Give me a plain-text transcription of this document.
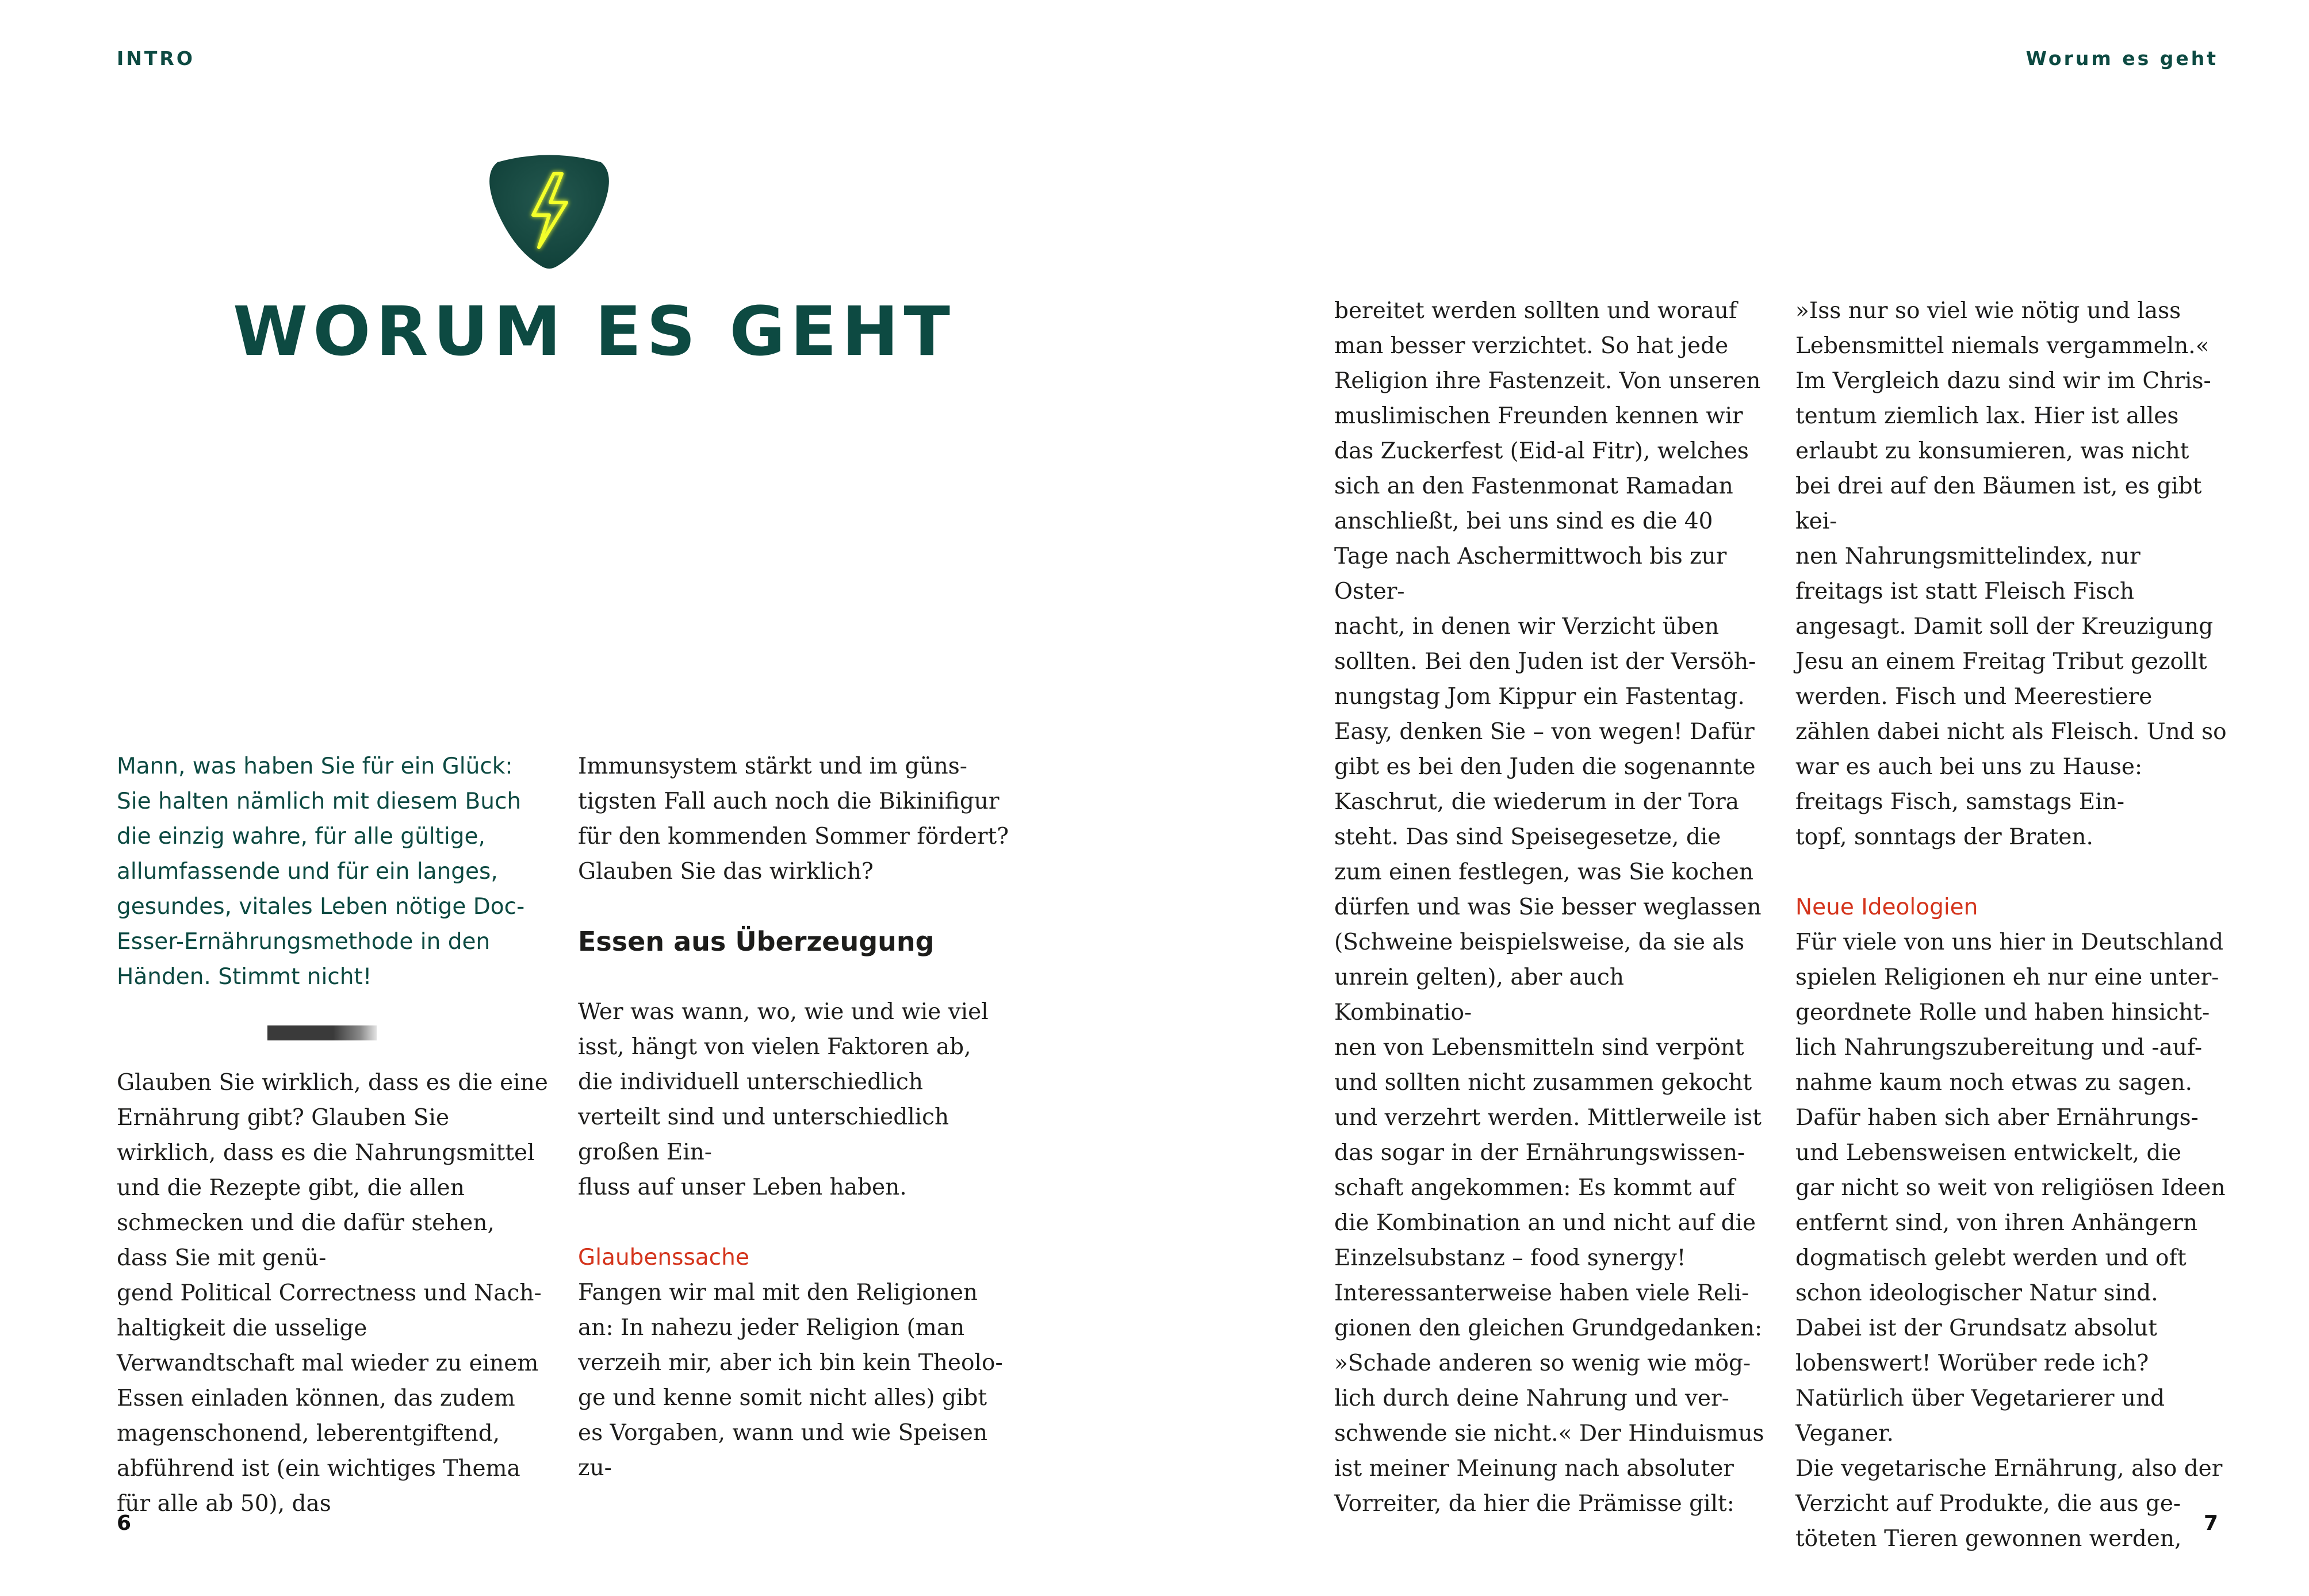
INTRO	Worum es geht
WORUM ES GEHT
Mann, was haben Sie für ein Glück: Sie halten nämlich mit diesem Buch die einzig wahre, für alle gültige, allumfassende und für ein langes, gesundes, vitales Leben nötige Doc-Esser-Ernährungsmethode in den Händen. Stimmt nicht!

Glauben Sie wirklich, dass es die eine Ernährung gibt? Glauben Sie wirklich, dass es die Nahrungsmittel und die Rezepte gibt, die allen schmecken und die dafür stehen, dass Sie mit genü-
gend Political Correctness und Nach-
haltigkeit die usselige Verwandtschaft mal wieder zu einem Essen einladen können, das zudem magenschonend, leberentgiftend, abführend ist (ein wichtiges Thema für alle ab 50), das

Immunsystem stärkt und im güns-
tigsten Fall auch noch die Bikinifigur für den kommenden Sommer fördert? Glauben Sie das wirklich?

Essen aus Überzeugung

Wer was wann, wo, wie und wie viel isst, hängt von vielen Faktoren ab, die individuell unterschiedlich verteilt sind und unterschiedlich großen Ein-
fluss auf unser Leben haben.

Glaubenssache

Fangen wir mal mit den Religionen an: In nahezu jeder Religion (man verzeih mir, aber ich bin kein Theolo-
ge und kenne somit nicht alles) gibt es Vorgaben, wann und wie Speisen zu-

bereitet werden sollten und worauf man besser verzichtet. So hat jede Religion ihre Fastenzeit. Von unseren muslimischen Freunden kennen wir das Zuckerfest (Eid-al Fitr), welches sich an den Fastenmonat Ramadan anschließt, bei uns sind es die 40 Tage nach Aschermittwoch bis zur Oster-
nacht, in denen wir Verzicht üben sollten. Bei den Juden ist der Versöh-
nungstag Jom Kippur ein Fastentag. Easy, denken Sie – von wegen! Dafür gibt es bei den Juden die sogenannte Kaschrut, die wiederum in der Tora steht. Das sind Speisegesetze, die zum einen festlegen, was Sie kochen dürfen und was Sie besser weglassen (Schweine beispielsweise, da sie als unrein gelten), aber auch Kombinatio-
nen von Lebensmitteln sind verpönt und sollten nicht zusammen gekocht und verzehrt werden. Mittlerweile ist das sogar in der Ernährungswissen-
schaft angekommen: Es kommt auf die Kombination an und nicht auf die Einzelsubstanz – food synergy! Interessanterweise haben viele Reli-
gionen den gleichen Grundgedanken: »Schade anderen so wenig wie mög-
lich durch deine Nahrung und ver-
schwende sie nicht.« Der Hinduismus ist meiner Meinung nach absoluter Vorreiter, da hier die Prämisse gilt:

»Iss nur so viel wie nötig und lass Lebensmittel niemals vergammeln.« Im Vergleich dazu sind wir im Chris-
tentum ziemlich lax. Hier ist alles erlaubt zu konsumieren, was nicht bei drei auf den Bäumen ist, es gibt kei-
nen Nahrungsmittelindex, nur freitags ist statt Fleisch Fisch angesagt. Damit soll der Kreuzigung Jesu an einem Freitag Tribut gezollt werden. Fisch und Meerestiere zählen dabei nicht als Fleisch. Und so war es auch bei uns zu Hause: freitags Fisch, samstags Ein-
topf, sonntags der Braten.

Neue Ideologien

Für viele von uns hier in Deutschland spielen Religionen eh nur eine unter-
geordnete Rolle und haben hinsicht-
lich Nahrungszubereitung und -auf-
nahme kaum noch etwas zu sagen. Dafür haben sich aber Ernährungs-
und Lebensweisen entwickelt, die gar nicht so weit von religiösen Ideen entfernt sind, von ihren Anhängern dogmatisch gelebt werden und oft schon ideologischer Natur sind. Dabei ist der Grundsatz absolut lobenswert! Worüber rede ich? Natürlich über Vegetarierer und Veganer.

Die vegetarische Ernährung, also der Verzicht auf Produkte, die aus ge-
töteten Tieren gewonnen werden,

6	7
